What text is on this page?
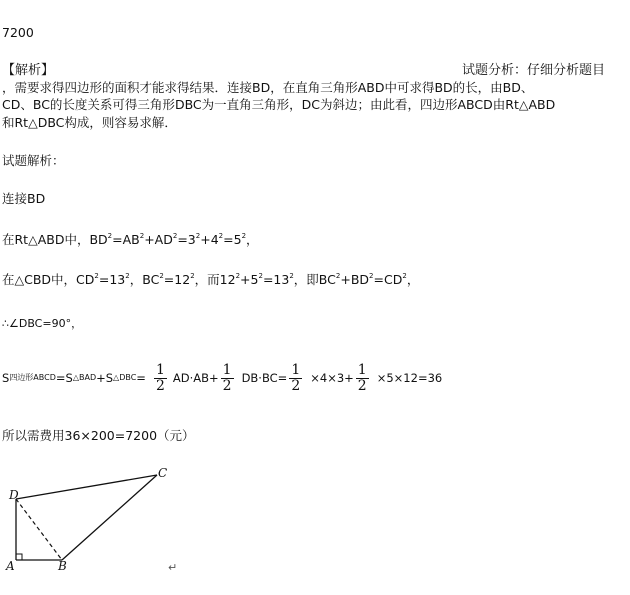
7200
【解析】	试题分析：仔细分析题目
，需要求得四边形的面积才能求得结果．连接BD，在直角三角形ABD中可求得BD的长，由BD、
CD、BC的长度关系可得三角形DBC为一直角三角形，DC为斜边；由此看，四边形ABCD由Rt△ABD
和Rt△DBC构成，则容易求解．
试题解析：
连接BD
在Rt△ABD中，$BD^2=AB^2+AD^2=3^2+4^2=5^2$，
在△CBD中，$CD^2=13^2$，$BC^2=12^2$，而$12^2+5^2=13^2$，即$BC^2+BD^2=CD^2$，
∴∠DBC=90°，
S 四边形ABCD =S △BAD +S △DBC = $\frac{1}{2} AD\cdot AB+ \frac{1}{2} DB\cdot BC= \frac{1}{2} \times 4\times 3+ \frac{1}{2} \times 5\times 12=36$
所以需费用36×200=7200（元）
D
C
A	B	↵
